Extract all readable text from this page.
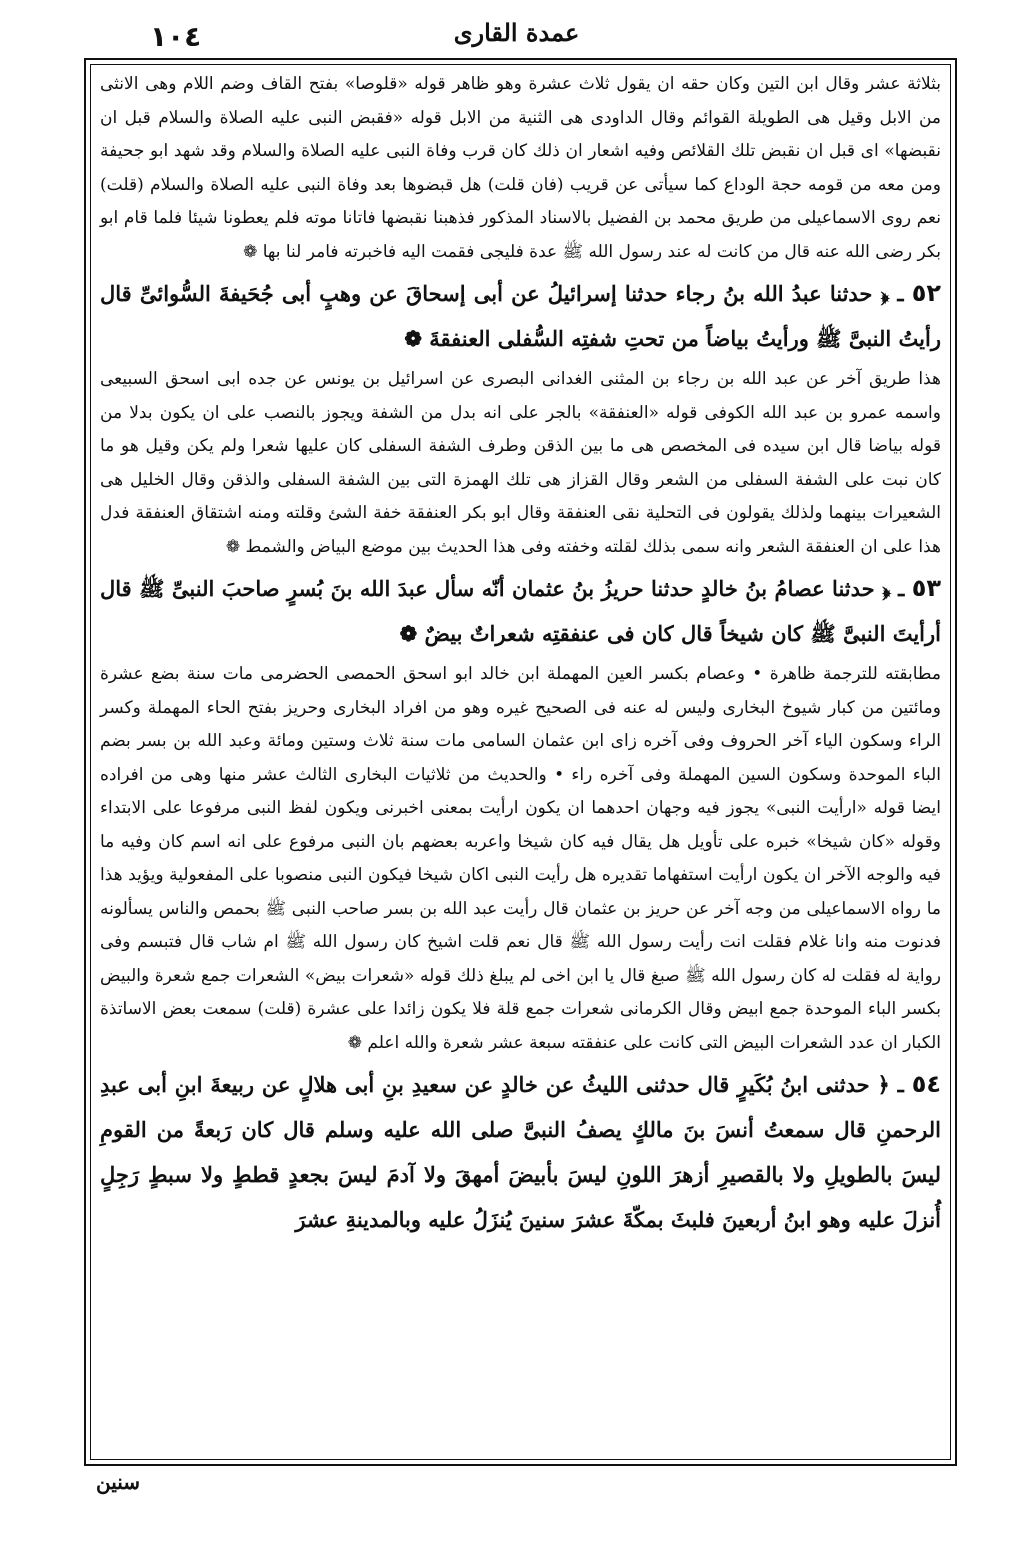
١٠٤	عمدة القارى

بثلاثة عشر وقال ابن التين وكان حقه ان يقول ثلاث عشرة وهو ظاهر قوله «قلوصا» بفتح القاف وضم اللام وهى الانثى من الابل وقيل هى الطويلة القوائم وقال الداودى هى الثنية من الابل قوله «فقبض النبى عليه الصلاة والسلام قبل ان نقبضها» اى قبل ان نقبض تلك القلائص وفيه اشعار ان ذلك كان قرب وفاة النبى عليه الصلاة والسلام وقد شهد ابو جحيفة ومن معه من قومه حجة الوداع كما سيأتى عن قريب (فان قلت) هل قبضوها بعد وفاة النبى عليه الصلاة والسلام (قلت) نعم روى الاسماعيلى من طريق محمد بن الفضيل بالاسناد المذكور فذهبنا نقبضها فاتانا موته فلم يعطونا شيئا فلما قام ابو بكر رضى الله عنه قال من كانت له عند رسول الله ﷺ عدة فليجى فقمت اليه فاخبرته فامر لنا بها ❁

٥٢ ـ ﴿ حدثنا عبدُ الله بنُ رجاء حدثنا إسرائيلُ عن أبى إسحاقَ عن وهبٍ أبى جُحَيفةَ السُّوائىِّ قال رأيتُ النبىَّ ﷺ ورأيتُ بياضاً من تحتِ شفتِه السُّفلى العنفقةَ ❁

هذا طريق آخر عن عبد الله بن رجاء بن المثنى الغدانى البصرى عن اسرائيل بن يونس عن جده ابى اسحق السبيعى واسمه عمرو بن عبد الله الكوفى قوله «العنفقة» بالجر على انه بدل من الشفة ويجوز بالنصب على ان يكون بدلا من قوله بياضا قال ابن سيده فى المخصص هى ما بين الذقن وطرف الشفة السفلى كان عليها شعرا ولم يكن وقيل هو ما كان نبت على الشفة السفلى من الشعر وقال القزاز هى تلك الهمزة التى بين الشفة السفلى والذقن وقال الخليل هى الشعيرات بينهما ولذلك يقولون فى التحلية نقى العنفقة وقال ابو بكر العنفقة خفة الشئ وقلته ومنه اشتقاق العنفقة فدل هذا على ان العنفقة الشعر وانه سمى بذلك لقلته وخفته وفى هذا الحديث بين موضع البياض والشمط ❁

٥٣ ـ ﴿ حدثنا عصامُ بنُ خالدٍ حدثنا حريزُ بنُ عثمان أنّه سأل عبدَ الله بنَ بُسرٍ صاحبَ النبىِّ ﷺ قال أرأيتَ النبىَّ ﷺ كان شيخاً قال كان فى عنفقتِه شعراتٌ بيضٌ ❁

مطابقته للترجمة ظاهرة • وعصام بكسر العين المهملة ابن خالد ابو اسحق الحمصى الحضرمى مات سنة بضع عشرة ومائتين من كبار شيوخ البخارى وليس له عنه فى الصحيح غيره وهو من افراد البخارى وحريز بفتح الحاء المهملة وكسر الراء وسكون الياء آخر الحروف وفى آخره زاى ابن عثمان السامى مات سنة ثلاث وستين ومائة وعبد الله بن بسر بضم الباء الموحدة وسكون السين المهملة وفى آخره راء • والحديث من ثلاثيات البخارى الثالث عشر منها وهى من افراده ايضا قوله «ارأيت النبى» يجوز فيه وجهان احدهما ان يكون ارأيت بمعنى اخبرنى ويكون لفظ النبى مرفوعا على الابتداء وقوله «كان شيخا» خبره على تأويل هل يقال فيه كان شيخا واعربه بعضهم بان النبى مرفوع على انه اسم كان وفيه ما فيه والوجه الآخر ان يكون ارأيت استفهاما تقديره هل رأيت النبى اكان شيخا فيكون النبى منصوبا على المفعولية ويؤيد هذا ما رواه الاسماعيلى من وجه آخر عن حريز بن عثمان قال رأيت عبد الله بن بسر صاحب النبى ﷺ بحمص والناس يسألونه فدنوت منه وانا غلام فقلت انت رأيت رسول الله ﷺ قال نعم قلت اشيخ كان رسول الله ﷺ ام شاب قال فتبسم وفى رواية له فقلت له كان رسول الله ﷺ صبغ قال يا ابن اخى لم يبلغ ذلك قوله «شعرات بيض» الشعرات جمع شعرة والبيض بكسر الباء الموحدة جمع ابيض وقال الكرمانى شعرات جمع قلة فلا يكون زائدا على عشرة (قلت) سمعت بعض الاساتذة الكبار ان عدد الشعرات البيض التى كانت على عنفقته سبعة عشر شعرة والله اعلم ❁

٥٤ ـ ﴿ حدثنى ابنُ بُكَيرٍ قال حدثنى الليثُ عن خالدٍ عن سعيدِ بنِ أبى هلالٍ عن ربيعةَ ابنِ أبى عبدِ الرحمنِ قال سمعتُ أنسَ بنَ مالكٍ يصفُ النبىَّ صلى الله عليه وسلم قال كان رَبعةً من القومِ ليسَ بالطويلِ ولا بالقصيرِ أزهرَ اللونِ ليسَ بأبيضَ أمهقَ ولا آدمَ ليسَ بجعدٍ قططٍ ولا سبطٍ رَجِلٍ أُنزلَ عليه وهو ابنُ أربعينَ فلبثَ بمكّةَ عشرَ سنينَ يُنزَلُ عليه وبالمدينةِ عشرَ

سنين
